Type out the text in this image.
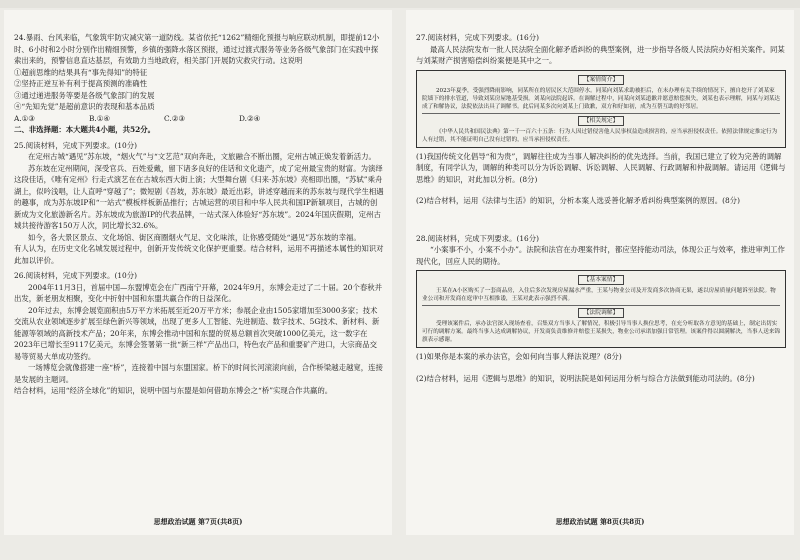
24.暴雨、台风来临，气象筑牢防灾减灾第一道防线。某省依托“1262”精细化预报与响应联动机制，即提前12小时、6小时和2小时分别作出精细预警，乡镇的强降水落区预报，通过过渡式服务等业务各级气象部门在实践中探索出来的，预警信息直达基层，有效助力当地政府，相关部门开展防灾救灾行动。这说明

①超前思维的结果具有“事先得知”的特征

②坚持正逆互补有利于提高预测的准确性

③通过递进服务等要是各级气象部门的发展

④“先知先觉”是超前意识的表现和基本品质

A.①③	B.①④	C.②③	D.②④

二、非选择题：本大题共4小题，共52分。

25.阅读材料，完成下列要求。(10分)

在定州古城“遇见”苏东坡，“烟火气”与“文艺范”双向奔赴，文旅融合不断出圈，定州古城正焕发着新活力。

苏东坡在定州期间，深受官兵、百姓爱戴，留下诸多良好的佳话和文化遗产，成了定州最宝贵的财富。为演绎这段佳话，《唯有定州》行走式演艺在在古城东西大街上演；大型舞台剧《归来·苏东坡》亮相即出圈，“苏轼”乘舟湖上，似吟浅唱，让人直呼“穿越了”；微短剧《吾坡，苏东坡》最近出彩，讲述穿越而来的苏东坡与现代学生相遇的趣事，成为苏东坡IP和“一站式”模板样板新品推行；古城运营的项目和中华人民共和国IP新颖项目，古城的创新成为文化旅游新名片。苏东坡成为旅游IP的代表品牌，一站式深入体验好“苏东坡”。2024年国庆假期，定州古城共接待游客150万人次，同比增长32.6%。

如今，各大景区景点、文化场馆、街区商圈烟火气足、文化味浓，让你感受随处“遇见”苏东坡的幸福。

有人认为，在历史文化名城发展过程中，创新开发传统文化保护更重要。结合材料，运用不再描述本属性的知识对此加以评价。

26.阅读材料，完成下列要求。(10分)

2004年11月3日，首届中国—东盟博览会在广西南宁开幕，2024年9月，东博会走过了二十届。20个春秋并出发，新老朋友相聚，变化中折射中国和东盟共赢合作的日益深化。

20年过去，东博会展览面积由5万平方米拓展至近20万平方米；参展企业由1505家增加至3000多家；技术交流从农业领域逐步扩展至绿色新兴等领域，出现了更多人工智能、先进制造、数字技术、5G技术、新材料、新能源等领域的高新技术产品；20年来，东博会推动中国和东盟的贸易总额首次突破1000亿美元，这一数字在2023年已增长至9117亿美元，东博会签署第一批“新三样”产品出口，特色农产品和重要矿产进口，大宗商品交易等贸易大单成功签约。

一场博览会就像搭建一座“桥”，连接着中国与东盟国家。桥下的时间长河滚滚向前，合作桥梁越走越宽，连接是发展的主题词。

结合材料，运用“经济全球化”的知识，说明中国与东盟是如何借助东博会之“桥”实现合作共赢的。

思想政治试题 第7页(共8页)

27.阅读材料，完成下列要求。(16分)

最高人民法院发布一批人民法院全面化解矛盾纠纷的典型案例，进一步指导各级人民法院办好相关案件。同某与刘某财产损害赔偿纠纷案便是其中之一。

【案情简介】

2023年夏季，受强烈降雨影响，同某所在的居民区大范围停水。同某向刘某求助被拒后，在未办理有关手续的情况下，擅自挖开了刘某家院墙下的排水管道，导致刘某房屋地基受损。刘某向法院起诉。在调解过程中，同某向刘某道歉并愿意赔偿损失，刘某也表示理解，同某与刘某达成了和解协议，法院依法出具了调解书。此后同某多次向刘某上门致歉，双方和好如初，成为互帮互助的好邻居。

【相关规定】

《中华人民共和国民法典》第一千一百六十五条：行为人因过错侵害他人民事权益造成损害的，应当承担侵权责任。依照法律规定推定行为人有过错，其不能证明自己没有过错的，应当承担侵权责任。

(1)我国传统文化倡导“和为贵”，调解往往成为当事人解决纠纷的优先选择。当前，我国已建立了较为完善的调解制度，有同学认为，调解的种类可以分为诉讼调解、诉讼调解、人民调解、行政调解和仲裁调解。请运用《逻辑与思维》的知识，对此加以分析。(8分)

(2)结合材料，运用《法律与生活》的知识，分析本案人选妥善化解矛盾纠纷典型案例的原因。(8分)

28.阅读材料，完成下列要求。(16分)

“小案事不小，小案不小办”。法院和法官在办理案件时，都应坚持能动司法，体现公正与效率，推进审判工作现代化，回应人民的期待。

【基本案情】

王某在A小区购买了一套商品房，入住后多次发现房屋漏水严重，王某与物业公司及开发商多次协商无果，遂以房屋质量问题诉至法院。物业公司和开发商在庭审中互相推诿，王某对此表示强烈不满。

【法院调解】

受理该案件后，承办法官深入现场查看，召集双方当事人了解情况，积极引导当事人换位思考，在充分听取各方意见的基础上，制定出切实可行的调解方案。最终当事人达成调解协议，开发商负责维修并赔偿王某损失，物业公司承诺加强日常管理。该案件得以圆满解决，当事人送来锦旗表示感谢。

(1)如果你是本案的承办法官，会如何向当事人释法说理？(8分)

(2)结合材料，运用《逻辑与思维》的知识，说明法院是如何运用分析与综合方法做到能动司法的。(8分)

思想政治试题 第8页(共8页)
